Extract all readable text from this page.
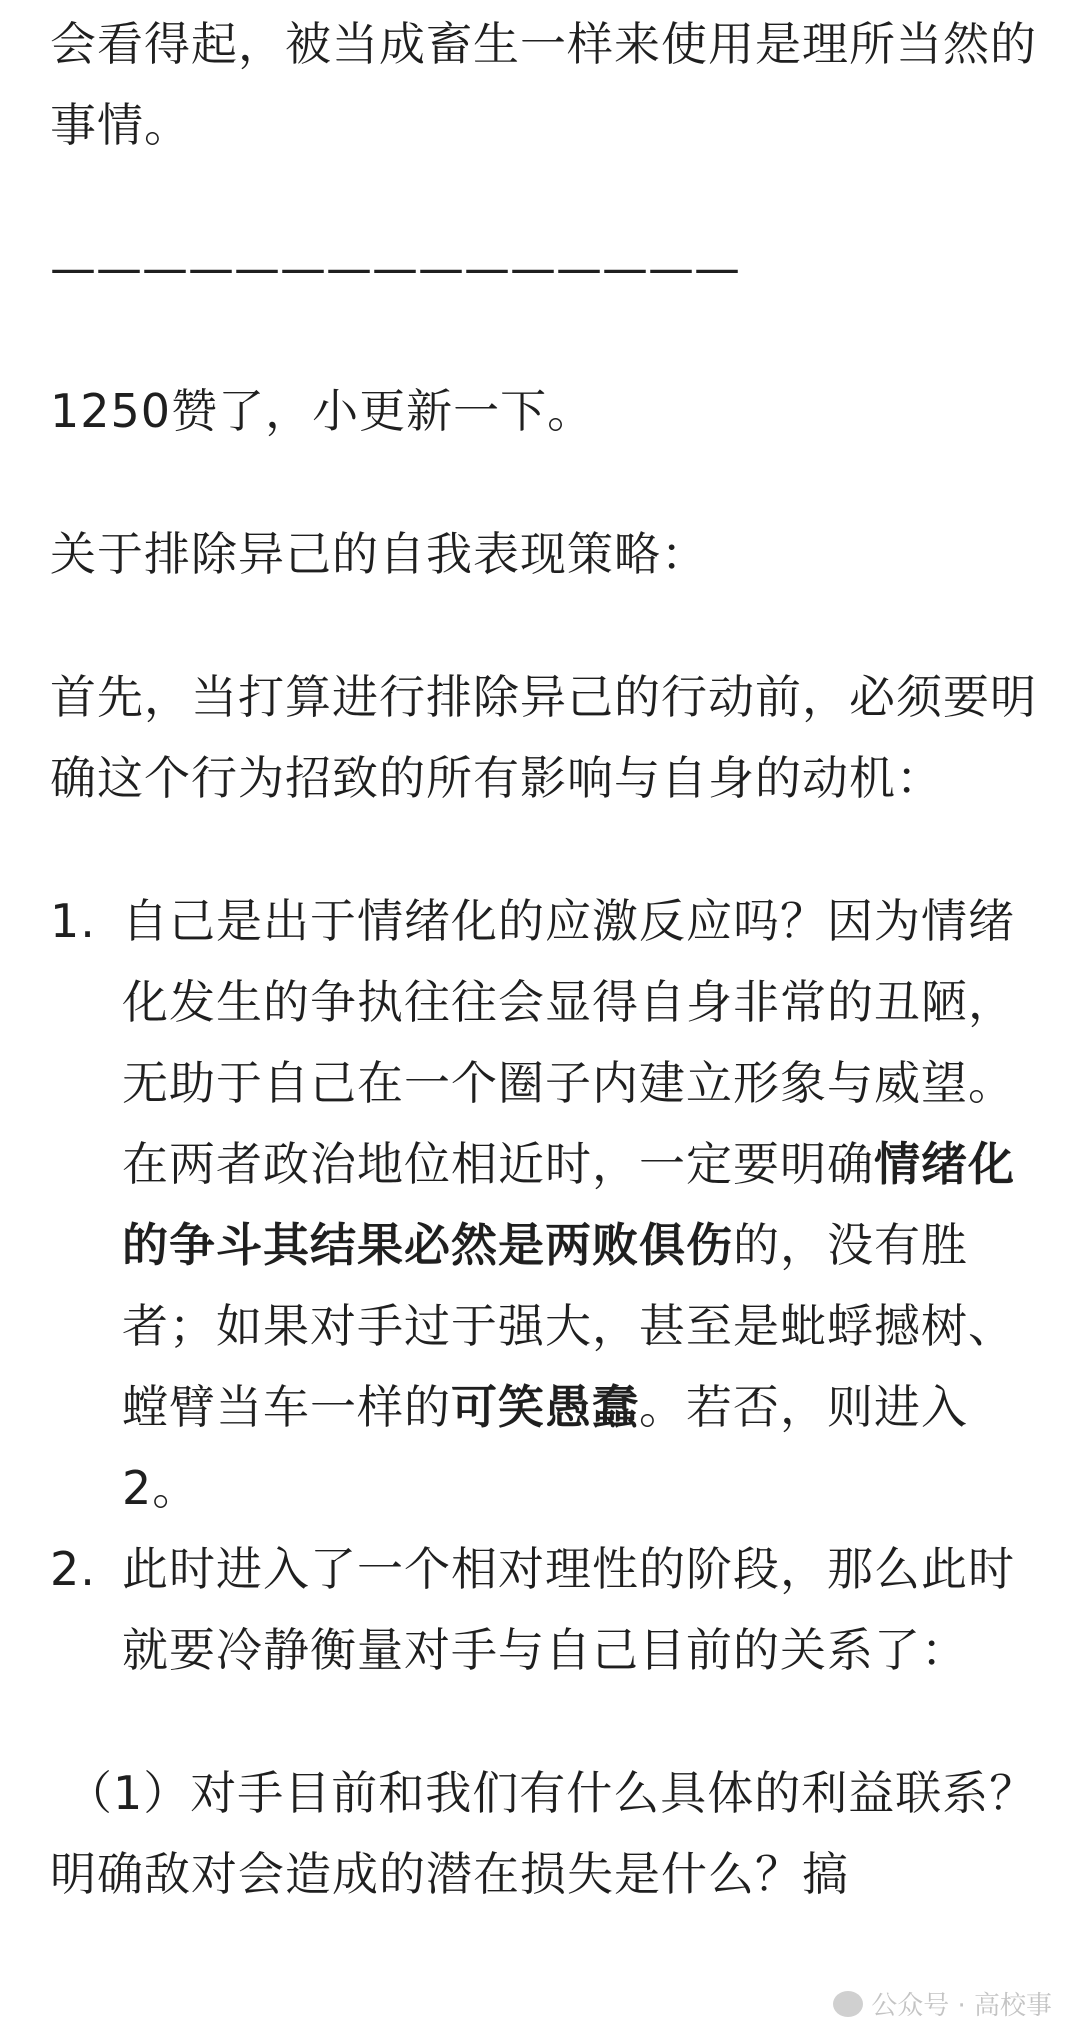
会看得起，被当成畜生一样来使用是理所当然的事情。

———————————————

1250赞了，小更新一下。

关于排除异己的自我表现策略：

首先，当打算进行排除异己的行动前，必须要明确这个行为招致的所有影响与自身的动机：

1. 自己是出于情绪化的应激反应吗？因为情绪化发生的争执往往会显得自身非常的丑陋，无助于自己在一个圈子内建立形象与威望。在两者政治地位相近时，一定要明确情绪化的争斗其结果必然是两败俱伤的，没有胜者；如果对手过于强大，甚至是蚍蜉撼树、螳臂当车一样的可笑愚蠢。若否，则进入2。
2. 此时进入了一个相对理性的阶段，那么此时就要冷静衡量对手与自己目前的关系了：

（1）对手目前和我们有什么具体的利益联系？明确敌对会造成的潜在损失是什么？搞

公众号 · 高校事
